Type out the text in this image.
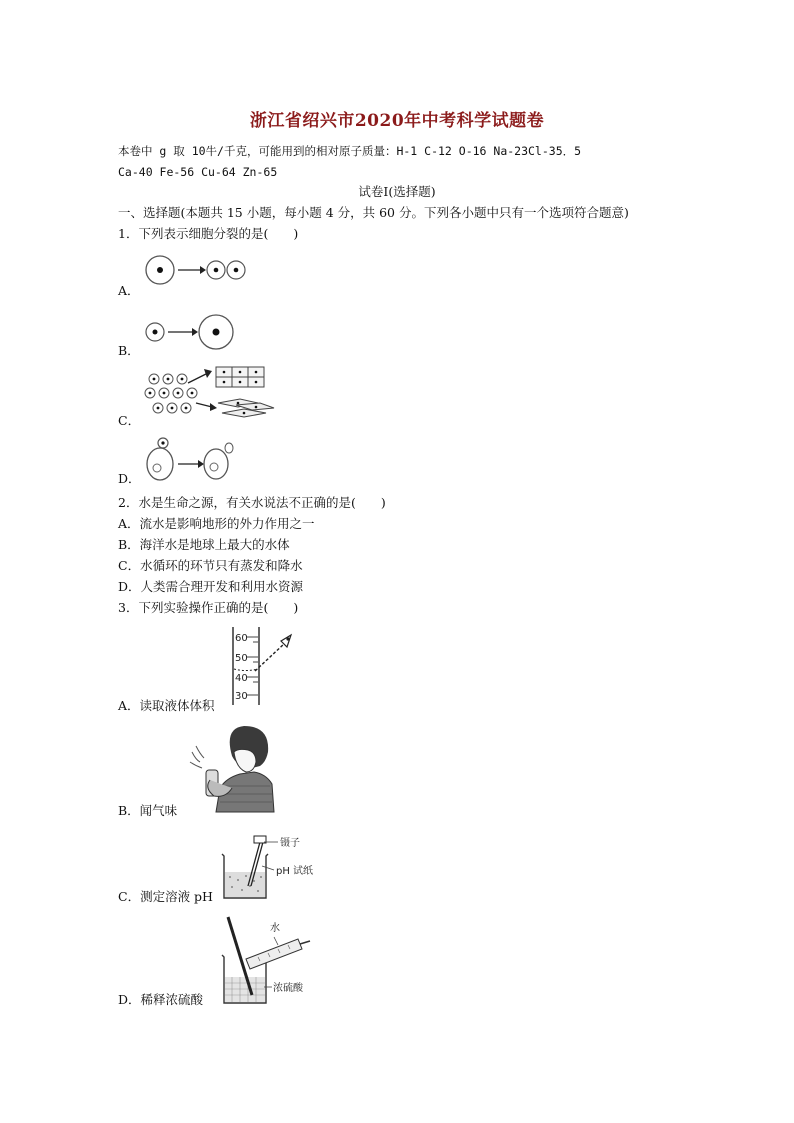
浙江省绍兴市2020年中考科学试题卷
本卷中 g 取 10牛/千克，可能用到的相对原子质量：H-1 C-12 O-16 Na-23Cl-35．5
Ca-40 Fe-56 Cu-64 Zn-65
试卷Ⅰ(选择题)
一、选择题(本题共 15 小题，每小题 4 分，共 60 分。下列各小题中只有一个选项符合题意)
1．下列表示细胞分裂的是(　　)
A．
B．
C．
D．
2．水是生命之源，有关水说法不正确的是(　　)
A．流水是影响地形的外力作用之一
B．海洋水是地球上最大的水体
C．水循环的环节只有蒸发和降水
D．人类需合理开发和利用水资源
3．下列实验操作正确的是(　　)
A．读取液体体积
60
50
40
30
B．闻气味
C．测定溶液 pH
镊子
pH 试纸
D．稀释浓硫酸
水
浓硫酸
